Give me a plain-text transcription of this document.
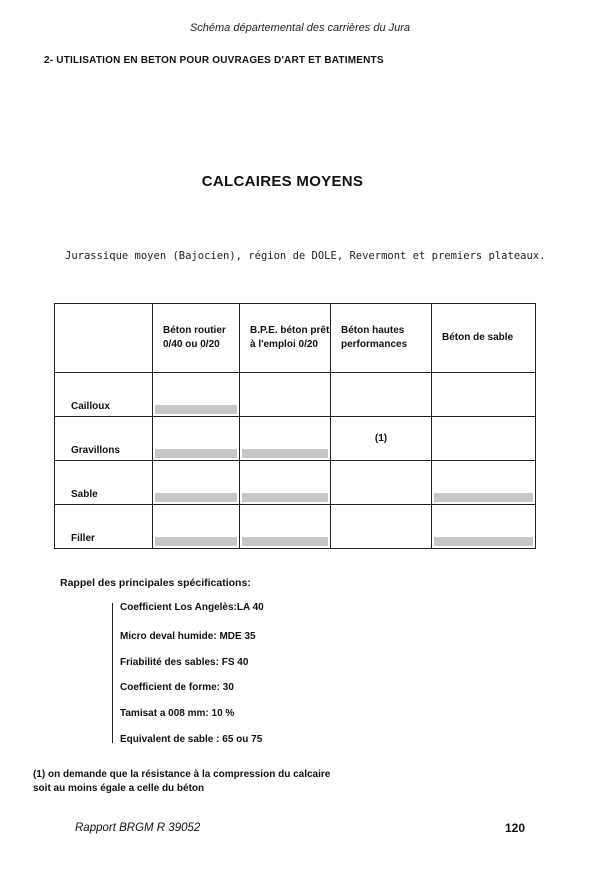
Schéma départemental des carrières du Jura
2- UTILISATION EN BETON POUR OUVRAGES D'ART ET BATIMENTS
CALCAIRES MOYENS
Jurassique moyen (Bajocien), région de DOLE, Revermont et premiers plateaux.
	Béton routier 0/40 ou 0/20	B.P.E. béton prêt à l'emploi 0/20	Béton hautes performances	Béton de sable
Cailloux	

Gravillons			(1)	

Sable	

Filler	

Rappel des principales spécifications:
Coefficient Los Angelès:LA 40
Micro deval humide: MDE 35
Friabilité des sables: FS 40
Coefficient de forme: 30
Tamisat a 008 mm: 10 %
Equivalent de sable : 65 ou 75
(1) on demande que la résistance à la compression du calcaire soit au moins égale a celle du béton
Rapport BRGM R 39052	120
